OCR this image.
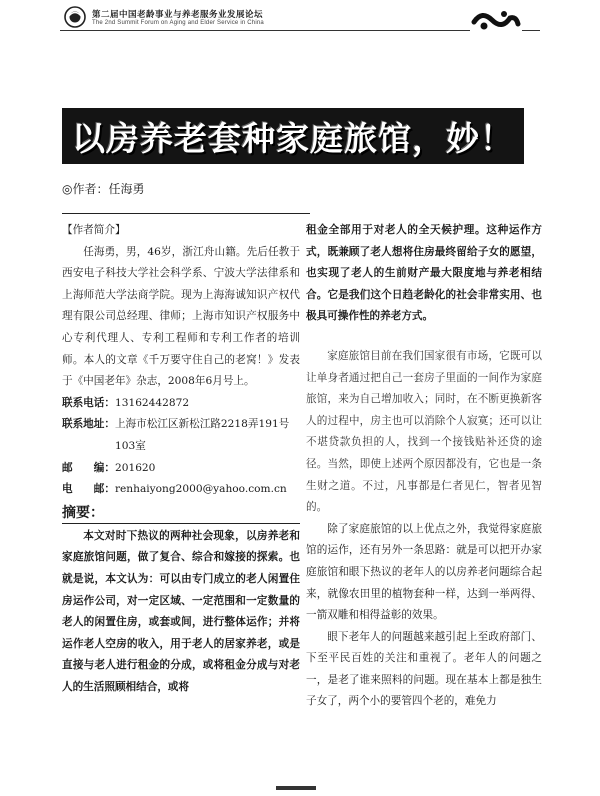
第二届中国老龄事业与养老服务业发展论坛
The 2nd Summit Forum on Aging and Elder Service in China
以房养老套种家庭旅馆，妙！
◎作者：任海勇

【作者简介】

任海勇，男，46岁，浙江舟山籍。先后任教于西安电子科技大学社会科学系、宁波大学法律系和上海师范大学法商学院。现为上海海诚知识产权代理有限公司总经理、律师；上海市知识产权服务中心专利代理人、专利工程师和专利工作者的培训师。本人的文章《千万要守住自己的老窝！》发表于《中国老年》杂志，2008年6月号上。

联系电话： 13162442872
联系地址： 上海市松江区新松江路2218弄191号103室
邮　　编： 201620
电　　邮： renhaiyong2000@yahoo.com.cn
摘要：

本文对时下热议的两种社会现象，以房养老和家庭旅馆问题，做了复合、综合和嫁接的探索。也就是说，本文认为：可以由专门成立的老人闲置住房运作公司，对一定区域、一定范围和一定数量的老人的闲置住房，或套或间，进行整体运作；并将运作老人空房的收入，用于老人的居家养老，或是直接与老人进行租金的分成，或将租金分成与对老人的生活照顾相结合，或将

租金全部用于对老人的全天候护理。这种运作方式，既兼顾了老人想将住房最终留给子女的愿望，也实现了老人的生前财产最大限度地与养老相结合。它是我们这个日趋老龄化的社会非常实用、也极具可操作性的养老方式。

家庭旅馆目前在我们国家很有市场，它既可以让单身者通过把自己一套房子里面的一间作为家庭旅馆，来为自己增加收入；同时，在不断更换新客人的过程中，房主也可以消除个人寂寞；还可以让不堪贷款负担的人，找到一个接钱贴补还贷的途径。当然，即使上述两个原因都没有，它也是一条生财之道。不过，凡事都是仁者见仁，智者见智的。

除了家庭旅馆的以上优点之外，我觉得家庭旅馆的运作，还有另外一条思路：就是可以把开办家庭旅馆和眼下热议的老年人的以房养老问题综合起来，就像农田里的植物套种一样，达到一举两得、一箭双雕和相得益彰的效果。

眼下老年人的问题越来越引起上至政府部门、下至平民百姓的关注和重视了。老年人的问题之一，是老了谁来照料的问题。现在基本上都是独生子女了，两个小的要管四个老的，难免力
